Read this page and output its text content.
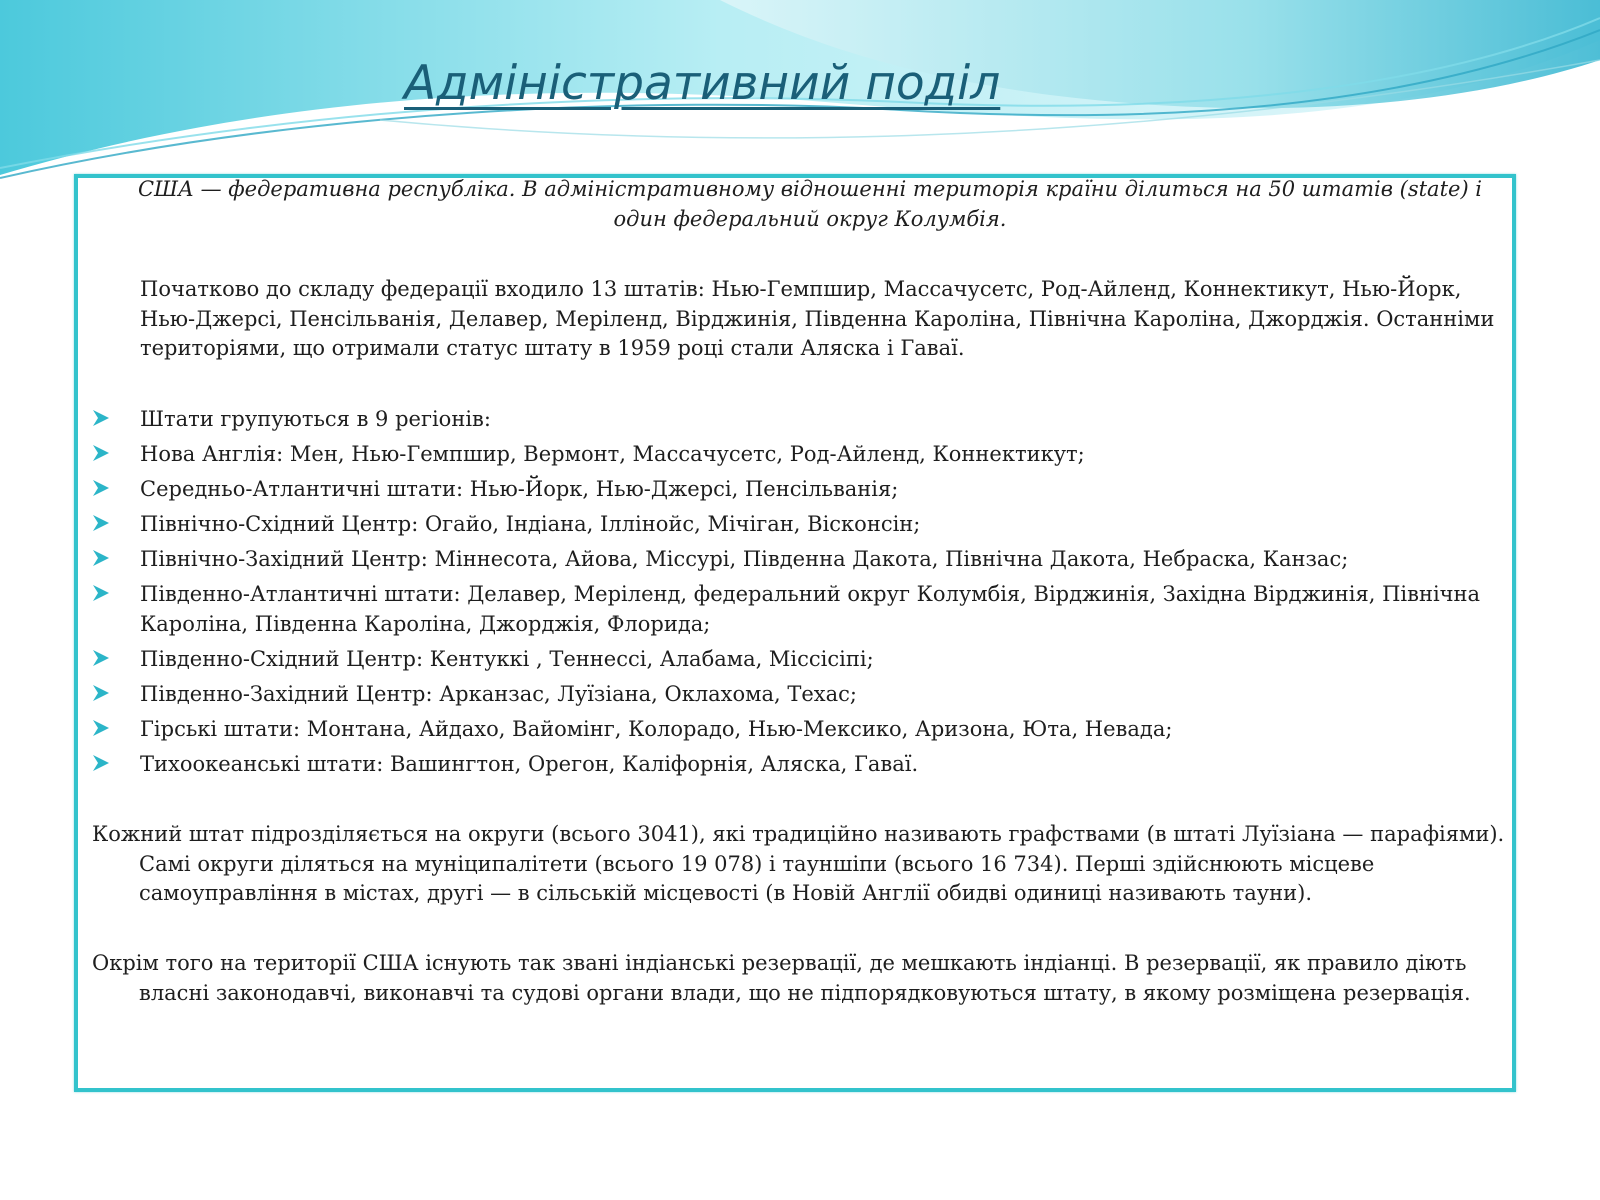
Адміністративний поділ

США — федеративна республіка. В адміністративному відношенні територія країни ділиться на 50 штатів (state) і один федеральний округ Колумбія.

Початково до складу федерації входило 13 штатів: Нью-Гемпшир, Массачусетс, Род-Айленд, Коннектикут, Нью-Йорк, Нью-Джерсі, Пенсільванія, Делавер, Меріленд, Вірджинія, Південна Кароліна, Північна Кароліна, Джорджія. Останніми територіями, що отримали статус штату в 1959 році стали Аляска і Гаваї.

Штати групуються в 9 регіонів:
Нова Англія: Мен, Нью-Гемпшир, Вермонт, Массачусетс, Род-Айленд, Коннектикут;
Середньо-Атлантичні штати: Нью-Йорк, Нью-Джерсі, Пенсільванія;
Північно-Східний Центр: Огайо, Індіана, Іллінойс, Мічіган, Вісконсін;
Північно-Західний Центр: Міннесота, Айова, Міссурі, Південна Дакота, Північна Дакота, Небраска, Канзас;
Південно-Атлантичні штати: Делавер, Меріленд, федеральний округ Колумбія, Вірджинія, Західна Вірджинія, Північна Кароліна, Південна Кароліна, Джорджія, Флорида;
Південно-Східний Центр: Кентуккі , Теннессі, Алабама, Міссісіпі;
Південно-Західний Центр: Арканзас, Луїзіана, Оклахома, Техас;
Гірські штати: Монтана, Айдахо, Вайомінг, Колорадо, Нью-Мексико, Аризона, Юта, Невада;
Тихоокеанські штати: Вашингтон, Орегон, Каліфорнія, Аляска, Гаваї.

Кожний штат підрозділяється на округи (всього 3041), які традиційно називають графствами (в штаті Луїзіана — парафіями). Самі округи діляться на муніципалітети (всього 19 078) і тауншіпи (всього 16 734). Перші здійснюють місцеве самоуправління в містах, другі — в сільській місцевості (в Новій Англії обидві одиниці називають тауни).

Окрім того на території США існують так звані індіанські резервації, де мешкають індіанці. В резервації, як правило діють власні законодавчі, виконавчі та судові органи влади, що не підпорядковуються штату, в якому розміщена резервація.
